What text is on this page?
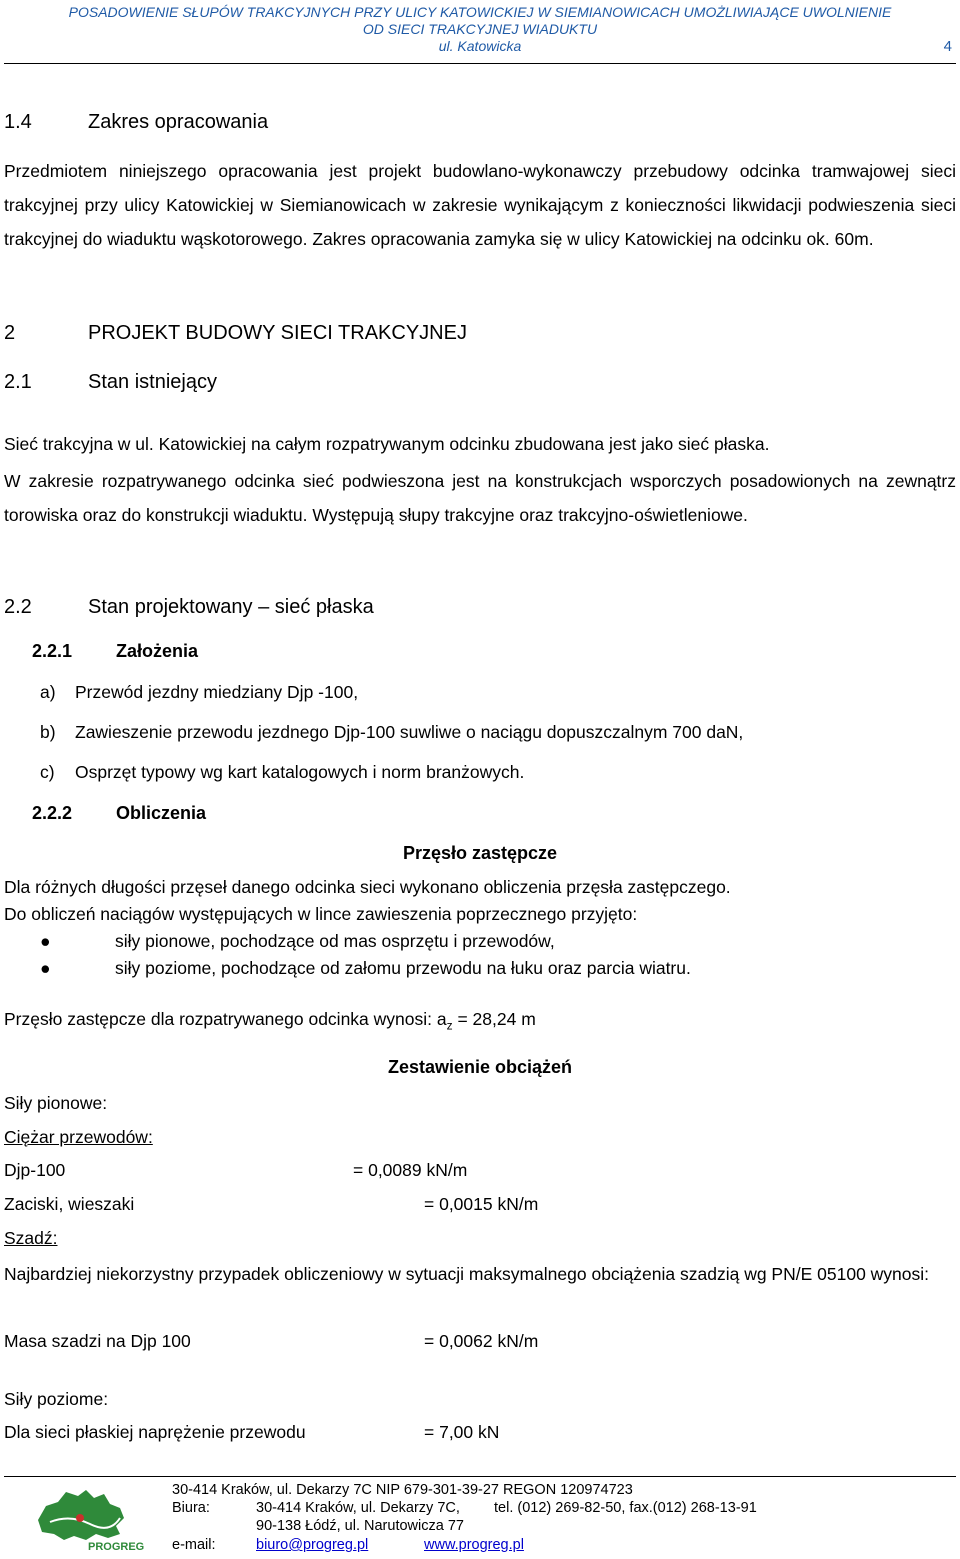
POSADOWIENIE SŁUPÓW TRAKCYJNYCH PRZY ULICY KATOWICKIEJ W SIEMIANOWICACH UMOŻLIWIAJĄCE UWOLNIENIE
OD SIECI TRAKCYJNEJ WIADUKTU
ul. Katowicka	4
1.4	Zakres opracowania
Przedmiotem niniejszego opracowania jest projekt budowlano-wykonawczy przebudowy odcinka tramwajowej sieci trakcyjnej przy ulicy Katowickiej w Siemianowicach w zakresie wynikającym z konieczności likwidacji podwieszenia sieci trakcyjnej do wiaduktu wąskotorowego. Zakres opracowania zamyka się w ulicy Katowickiej na odcinku ok. 60m.
2	PROJEKT BUDOWY SIECI TRAKCYJNEJ
2.1	Stan istniejący
Sieć trakcyjna w ul. Katowickiej na całym rozpatrywanym odcinku zbudowana jest jako sieć płaska.
W zakresie rozpatrywanego odcinka sieć podwieszona jest na konstrukcjach wsporczych posadowionych na zewnątrz torowiska oraz do konstrukcji wiaduktu. Występują słupy trakcyjne oraz trakcyjno-oświetleniowe.
2.2	Stan projektowany – sieć płaska
2.2.1 Założenia
a) Przewód jezdny miedziany Djp -100,
b) Zawieszenie przewodu jezdnego Djp-100 suwliwe o naciągu dopuszczalnym 700 daN,
c) Osprzęt typowy wg kart katalogowych i norm branżowych.
2.2.2 Obliczenia
Przęsło zastępcze
Dla różnych długości przęseł danego odcinka sieci wykonano obliczenia przęsła zastępczego.
Do obliczeń naciągów występujących w lince zawieszenia poprzecznego przyjęto:
●	siły pionowe, pochodzące od mas osprzętu i przewodów,
●	siły poziome, pochodzące od załomu przewodu na łuku oraz parcia wiatru.
Przęsło zastępcze dla rozpatrywanego odcinka wynosi: $a_z = 28,24$ m
Zestawienie obciążeń
Siły pionowe:
Ciężar przewodów:
Djp-100	= 0,0089 kN/m
Zaciski, wieszaki	= 0,0015 kN/m
Szadź:
Najbardziej niekorzystny przypadek obliczeniowy w sytuacji maksymalnego obciążenia szadzią wg PN/E 05100 wynosi:
Masa szadzi na Djp 100	= 0,0062 kN/m
Siły poziome:
Dla sieci płaskiej naprężenie przewodu	= 7,00 kN
PROGREG
30-414 Kraków, ul. Dekarzy 7C NIP 679-301-39-27 REGON 120974723
Biura:	30-414 Kraków, ul. Dekarzy 7C, tel. (012) 269-82-50, fax.(012) 268-13-91
90-138 Łódź, ul. Narutowicza 77
e-mail:	biuro@progreg.pl	www.progreg.pl
